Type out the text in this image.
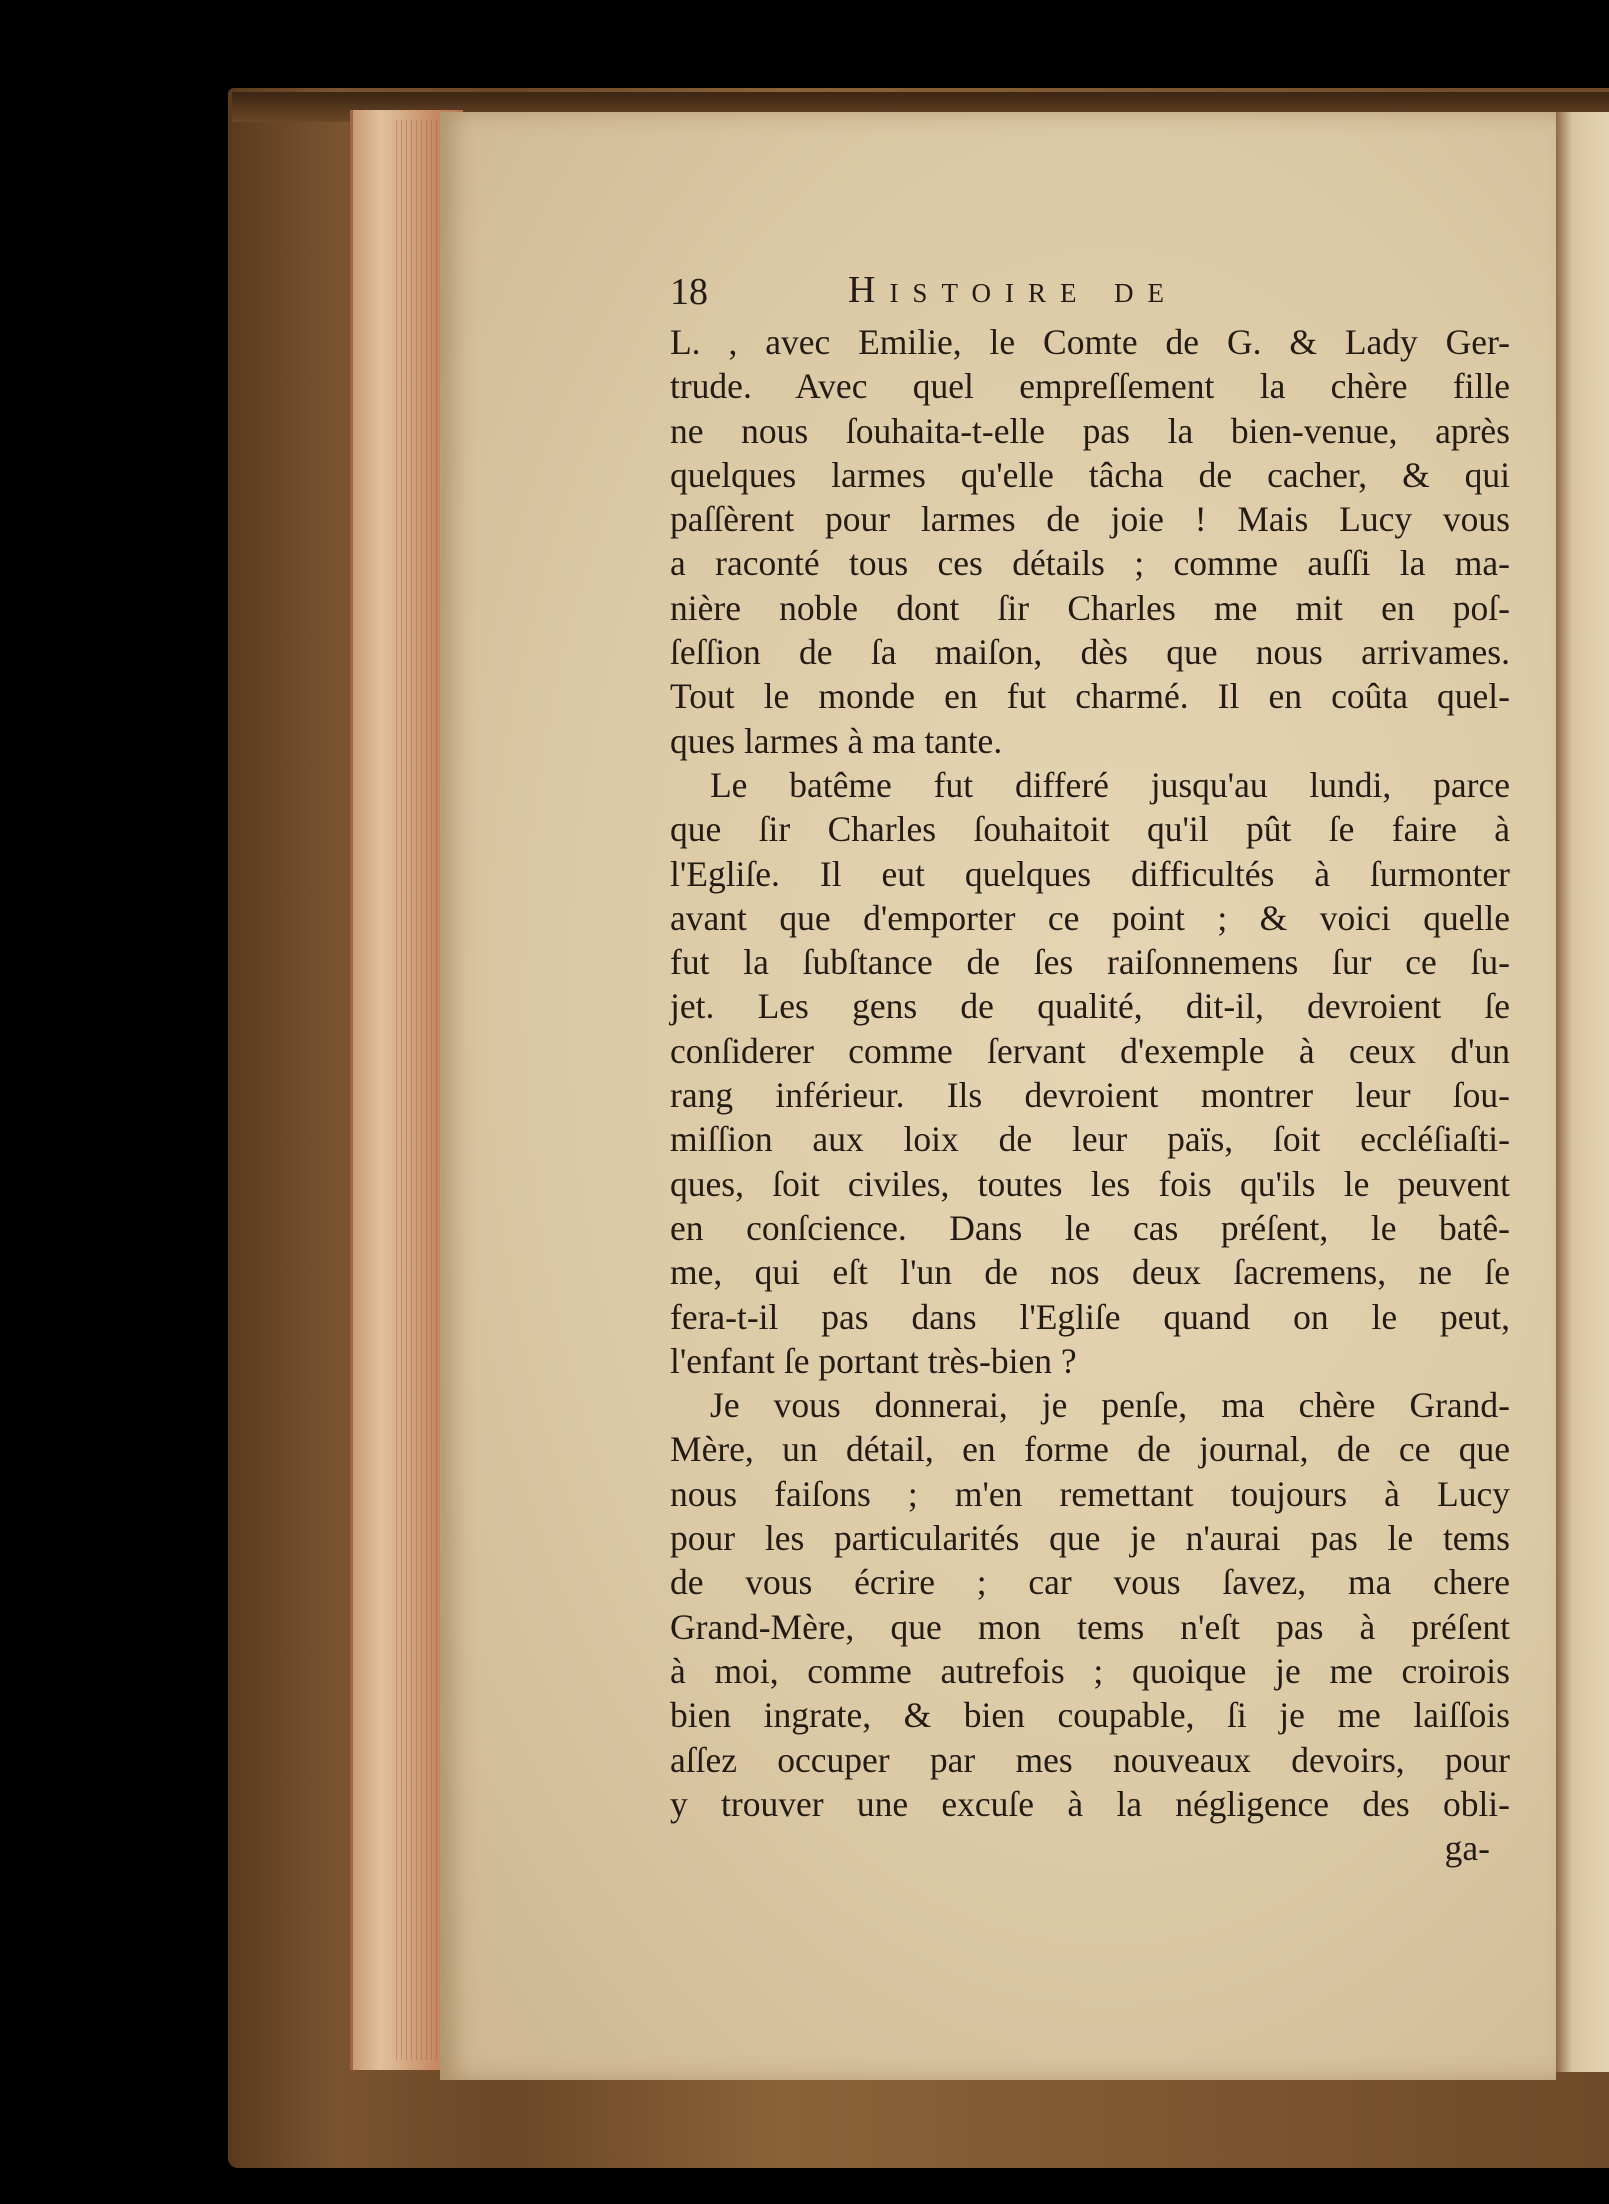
18	Histoire de
L. , avec Emilie, le Comte de G. & Lady Ger-
trude. Avec quel empreſſement la chère fille
ne nous ſouhaita-t-elle pas la bien-venue, après
quelques larmes qu'elle tâcha de cacher, & qui
paſſèrent pour larmes de joie ! Mais Lucy vous
a raconté tous ces détails ; comme auſſi la ma-
nière noble dont ſir Charles me mit en poſ-
ſeſſion de ſa maiſon, dès que nous arrivames.
Tout le monde en fut charmé. Il en coûta quel-
ques larmes à ma tante.
Le batême fut differé jusqu'au lundi, parce
que ſir Charles ſouhaitoit qu'il pût ſe faire à
l'Egliſe. Il eut quelques difficultés à ſurmonter
avant que d'emporter ce point ; & voici quelle
fut la ſubſtance de ſes raiſonnemens ſur ce ſu-
jet. Les gens de qualité, dit-il, devroient ſe
conſiderer comme ſervant d'exemple à ceux d'un
rang inférieur. Ils devroient montrer leur ſou-
miſſion aux loix de leur païs, ſoit eccléſiaſti-
ques, ſoit civiles, toutes les fois qu'ils le peuvent
en conſcience. Dans le cas préſent, le batê-
me, qui eſt l'un de nos deux ſacremens, ne ſe
fera-t-il pas dans l'Egliſe quand on le peut,
l'enfant ſe portant très-bien ?
Je vous donnerai, je penſe, ma chère Grand-
Mère, un détail, en forme de journal, de ce que
nous faiſons ; m'en remettant toujours à Lucy
pour les particularités que je n'aurai pas le tems
de vous écrire ; car vous ſavez, ma chere
Grand-Mère, que mon tems n'eſt pas à préſent
à moi, comme autrefois ; quoique je me croirois
bien ingrate, & bien coupable, ſi je me laiſſois
aſſez occuper par mes nouveaux devoirs, pour
y trouver une excuſe à la négligence des obli-
ga-
